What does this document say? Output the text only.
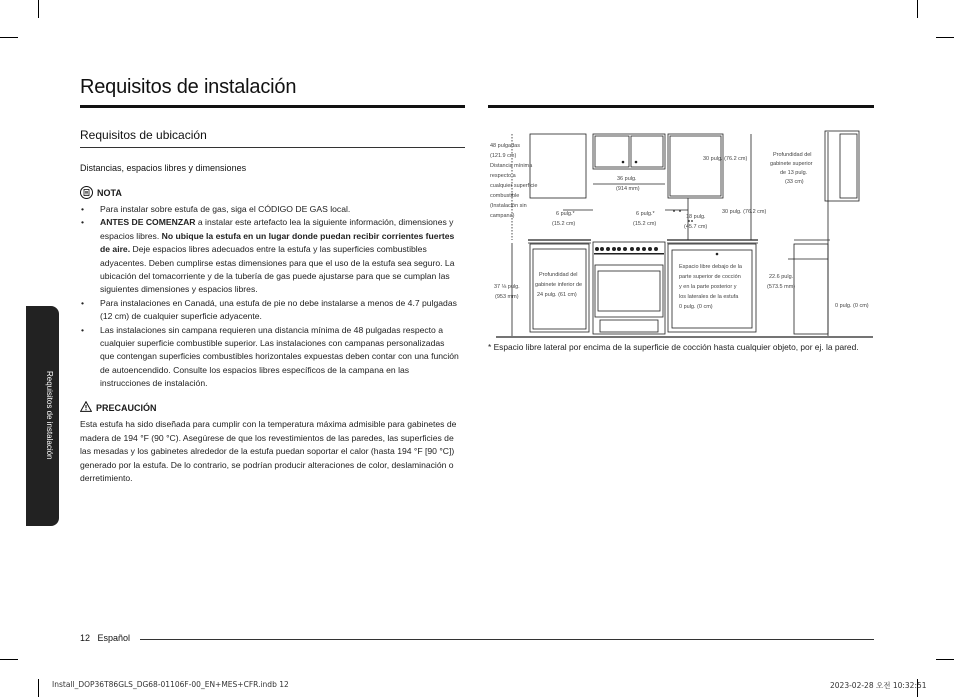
Requisitos de instalación
Requisitos de ubicación
Distancias, espacios libres y dimensiones
NOTA
• Para instalar sobre estufa de gas, siga el CÓDIGO DE GAS local.
• ANTES DE COMENZAR a instalar este artefacto lea la siguiente información, dimensiones y espacios libres. No ubique la estufa en un lugar donde puedan recibir corrientes fuertes de aire. Deje espacios libres adecuados entre la estufa y las superficies combustibles adyacentes. Deben cumplirse estas dimensiones para que el uso de la estufa sea seguro. La ubicación del tomacorriente y de la tubería de gas puede ajustarse para que se cumplan las siguientes dimensiones y espacios libres.
• Para instalaciones en Canadá, una estufa de pie no debe instalarse a menos de 4.7 pulgadas (12 cm) de cualquier superficie adyacente.
• Las instalaciones sin campana requieren una distancia mínima de 48 pulgadas respecto a cualquier superficie combustible superior. Las instalaciones con campanas personalizadas que contengan superficies combustibles horizontales expuestas deben contar con una función de autoencendido. Consulte los espacios libres específicos de la campana en las instrucciones de instalación.
PRECAUCIÓN
Esta estufa ha sido diseñada para cumplir con la temperatura máxima admisible para gabinetes de madera de 194 °F (90 °C). Asegúrese de que los revestimientos de las paredes, las superficies de las mesadas y los gabinetes alrededor de la estufa puedan soportar el calor (hasta 194 °F [90 °C]) generado por la estufa. De lo contrario, se podrían producir alteraciones de color, deslaminación o derretimiento.
48 pulgadas (121.9 cm) Distancia mínima respecto a cualquier superficie combustible (Instalación sin campana)
36 pulg. (914 mm)
6 pulg.* (15.2 cm)
6 pulg.* (15.2 cm)
30 pulg. (76.2 cm)
Profundidad del gabinete superior de 13 pulg. (33 cm)
18 pulg. (45.7 cm)
30 pulg. (76.2 cm)
37 ⅛ pulg. (953 mm)
Profundidad del gabinete inferior de 24 pulg. (61 cm)
Espacio libre debajo de la parte superior de cocción y en la parte posterior y los laterales de la estufa 0 pulg. (0 cm)
22.6 pulg. (573.5 mm)
0 pulg. (0 cm)
* Espacio libre lateral por encima de la superficie de cocción hasta cualquier objeto, por ej. la pared.
Requisitos de instalación
12 Español
Install_DOP36T86GLS_DG68-01106F-00_EN+MES+CFR.indb 12	2023-02-28 오전 10:32:51
